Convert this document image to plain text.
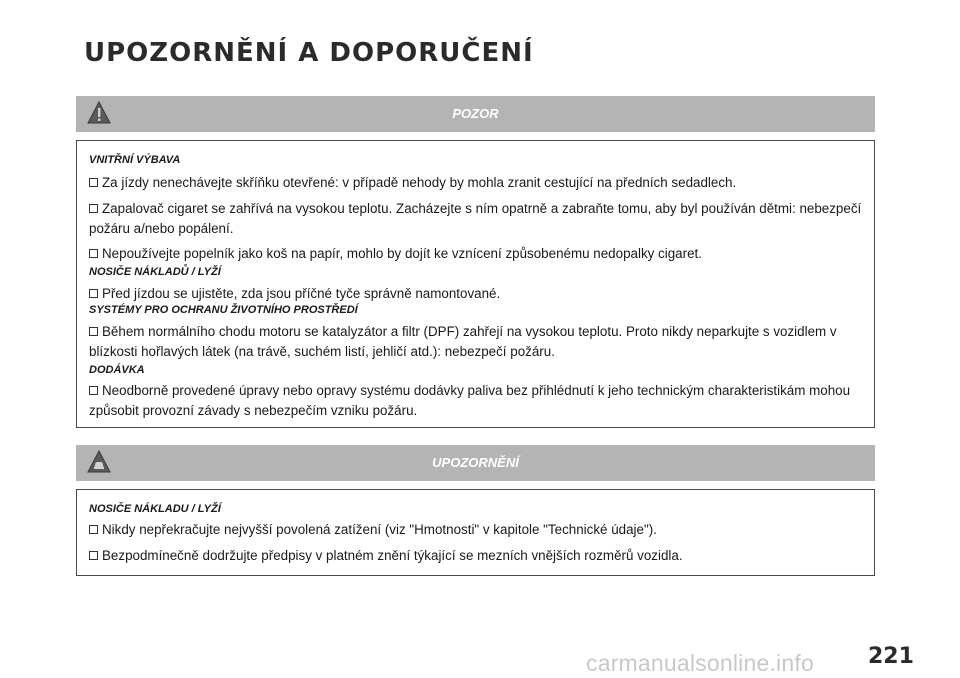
UPOZORNĚNÍ A DOPORUČENÍ
POZOR

VNITŘNÍ VÝBAVA

Za jízdy nenechávejte skříňku otevřené: v případě nehody by mohla zranit cestující na předních sedadlech.

Zapalovač cigaret se zahřívá na vysokou teplotu. Zacházejte s ním opatrně a zabraňte tomu, aby byl používán dětmi: nebezpečí požáru a/nebo popálení.

Nepoužívejte popelník jako koš na papír, mohlo by dojít ke vznícení způsobenému nedopalky cigaret.

NOSIČE NÁKLADŮ / LYŽÍ

Před jízdou se ujistěte, zda jsou příčné tyče správně namontované.

SYSTÉMY PRO OCHRANU ŽIVOTNÍHO PROSTŘEDÍ

Během normálního chodu motoru se katalyzátor a filtr (DPF) zahřejí na vysokou teplotu. Proto nikdy neparkujte s vozidlem v blízkosti hořlavých látek (na trávě, suchém listí, jehličí atd.): nebezpečí požáru.

DODÁVKA

Neodborně provedené úpravy nebo opravy systému dodávky paliva bez přihlédnutí k jeho technickým charakteristikám mohou způsobit provozní závady s nebezpečím vzniku požáru.

UPOZORNĚNÍ

NOSIČE NÁKLADU / LYŽÍ

Nikdy nepřekračujte nejvyšší povolená zatížení (viz "Hmotnosti" v kapitole "Technické údaje").

Bezpodmínečně dodržujte předpisy v platném znění týkající se mezních vnějších rozměrů vozidla.

carmanualsonline.info 221
